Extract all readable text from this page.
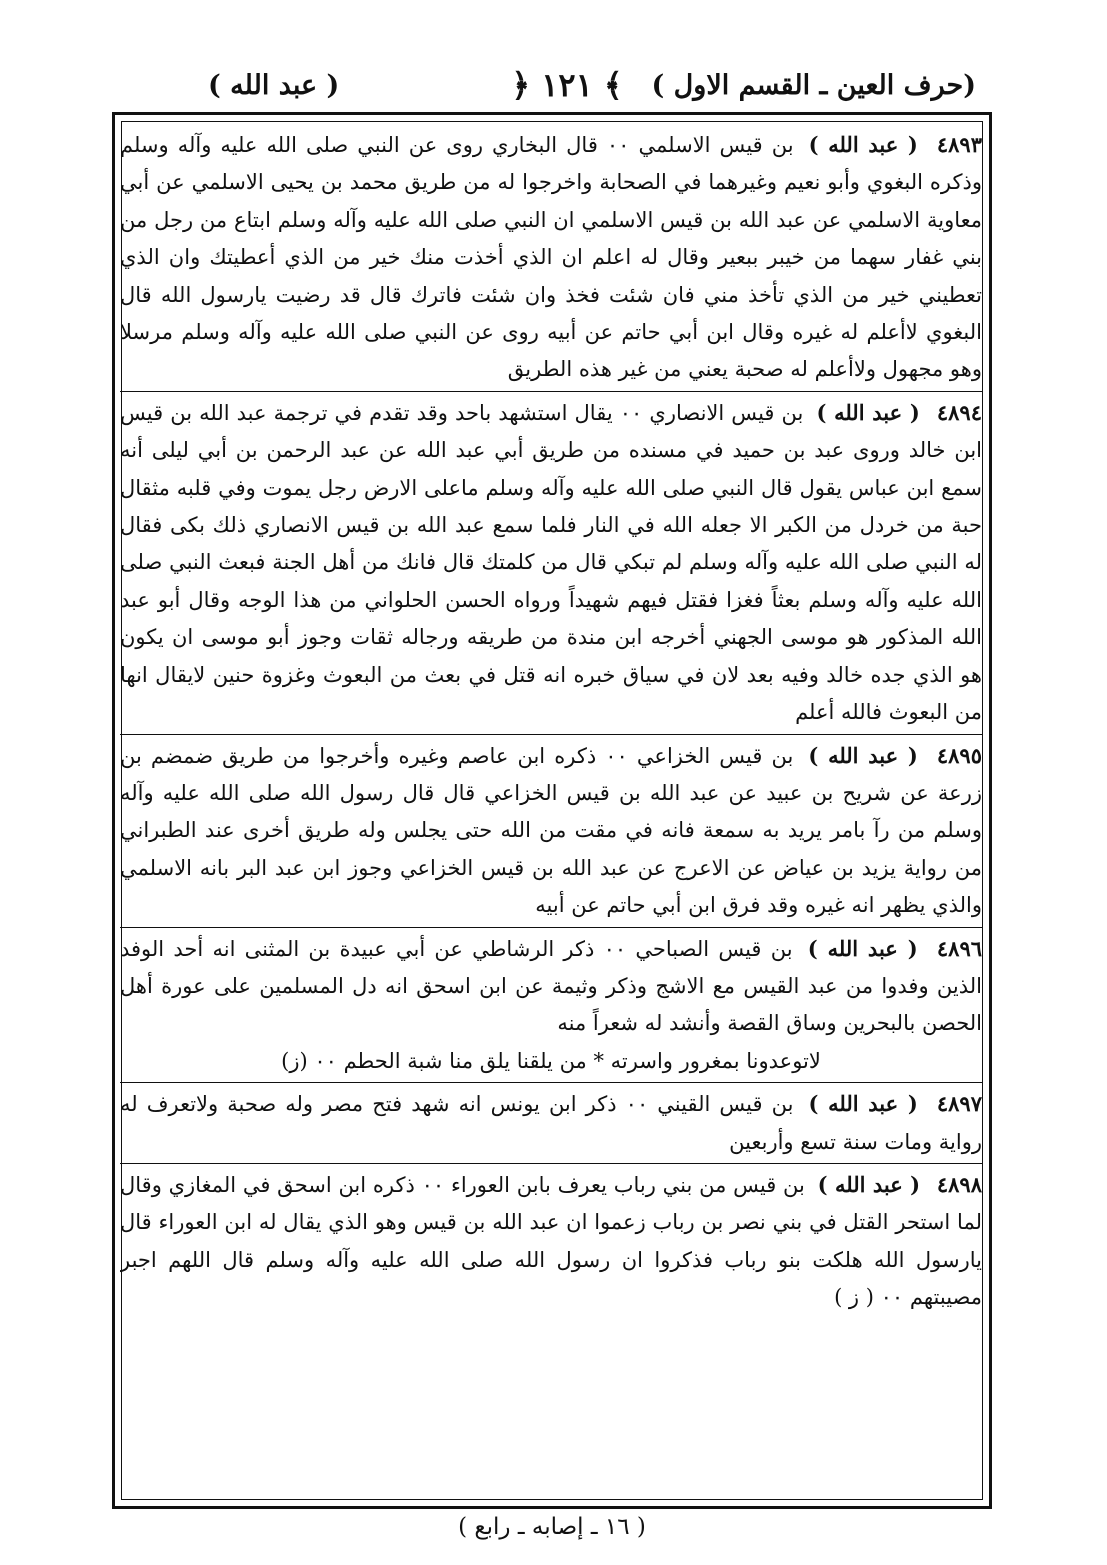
(حرف العين ـ القسم الاول )
﴿ ١٢١ ﴾
( عبد الله )

٤٨٩٣ ( عبد الله ) بن قيس الاسلمي ٠٠ قال البخاري روى عن النبي صلى الله عليه وآله وسلم وذكره البغوي وأبو نعيم وغيرهما في الصحابة واخرجوا له من طريق محمد بن يحيى الاسلمي عن أبي معاوية الاسلمي عن عبد الله بن قيس الاسلمي ان النبي صلى الله عليه وآله وسلم ابتاع من رجل من بني غفار سهما من خيبر ببعير وقال له اعلم ان الذي أخذت منك خير من الذي أعطيتك وان الذي تعطيني خير من الذي تأخذ مني فان شئت فخذ وان شئت فاترك قال قد رضيت يارسول الله قال البغوي لاأعلم له غيره وقال ابن أبي حاتم عن أبيه روى عن النبي صلى الله عليه وآله وسلم مرسلا وهو مجهول ولاأعلم له صحبة يعني من غير هذه الطريق

٤٨٩٤ ( عبد الله ) بن قيس الانصاري ٠٠ يقال استشهد باحد وقد تقدم في ترجمة عبد الله بن قيس ابن خالد وروى عبد بن حميد في مسنده من طريق أبي عبد الله عن عبد الرحمن بن أبي ليلى أنه سمع ابن عباس يقول قال النبي صلى الله عليه وآله وسلم ماعلى الارض رجل يموت وفي قلبه مثقال حبة من خردل من الكبر الا جعله الله في النار فلما سمع عبد الله بن قيس الانصاري ذلك بكى فقال له النبي صلى الله عليه وآله وسلم لم تبكي قال من كلمتك قال فانك من أهل الجنة فبعث النبي صلى الله عليه وآله وسلم بعثاً فغزا فقتل فيهم شهيداً ورواه الحسن الحلواني من هذا الوجه وقال أبو عبد الله المذكور هو موسى الجهني أخرجه ابن مندة من طريقه ورجاله ثقات وجوز أبو موسى ان يكون هو الذي جده خالد وفيه بعد لان في سياق خبره انه قتل في بعث من البعوث وغزوة حنين لايقال انها من البعوث فالله أعلم

٤٨٩٥ ( عبد الله ) بن قيس الخزاعي ٠٠ ذكره ابن عاصم وغيره وأخرجوا من طريق ضمضم بن زرعة عن شريح بن عبيد عن عبد الله بن قيس الخزاعي قال قال رسول الله صلى الله عليه وآله وسلم من رآ بامر يريد به سمعة فانه في مقت من الله حتى يجلس وله طريق أخرى عند الطبراني من رواية يزيد بن عياض عن الاعرج عن عبد الله بن قيس الخزاعي وجوز ابن عبد البر بانه الاسلمي والذي يظهر انه غيره وقد فرق ابن أبي حاتم عن أبيه

٤٨٩٦ ( عبد الله ) بن قيس الصباحي ٠٠ ذكر الرشاطي عن أبي عبيدة بن المثنى انه أحد الوفد الذين وفدوا من عبد القيس مع الاشج وذكر وثيمة عن ابن اسحق انه دل المسلمين على عورة أهل الحصن بالبحرين وساق القصة وأنشد له شعراً منه

لاتوعدونا بمغرور واسرته * من يلقنا يلق منا شبة الحطم ٠٠ (ز)

٤٨٩٧ ( عبد الله ) بن قيس القيني ٠٠ ذكر ابن يونس انه شهد فتح مصر وله صحبة ولاتعرف له رواية ومات سنة تسع وأربعين

٤٨٩٨ ( عبد الله ) بن قيس من بني رباب يعرف بابن العوراء ٠٠ ذكره ابن اسحق في المغازي وقال لما استحر القتل في بني نصر بن رباب زعموا ان عبد الله بن قيس وهو الذي يقال له ابن العوراء قال يارسول الله هلكت بنو رباب فذكروا ان رسول الله صلى الله عليه وآله وسلم قال اللهم اجبر مصيبتهم ٠٠ ( ز )

( ١٦ ـ إصابه ـ رابع )
